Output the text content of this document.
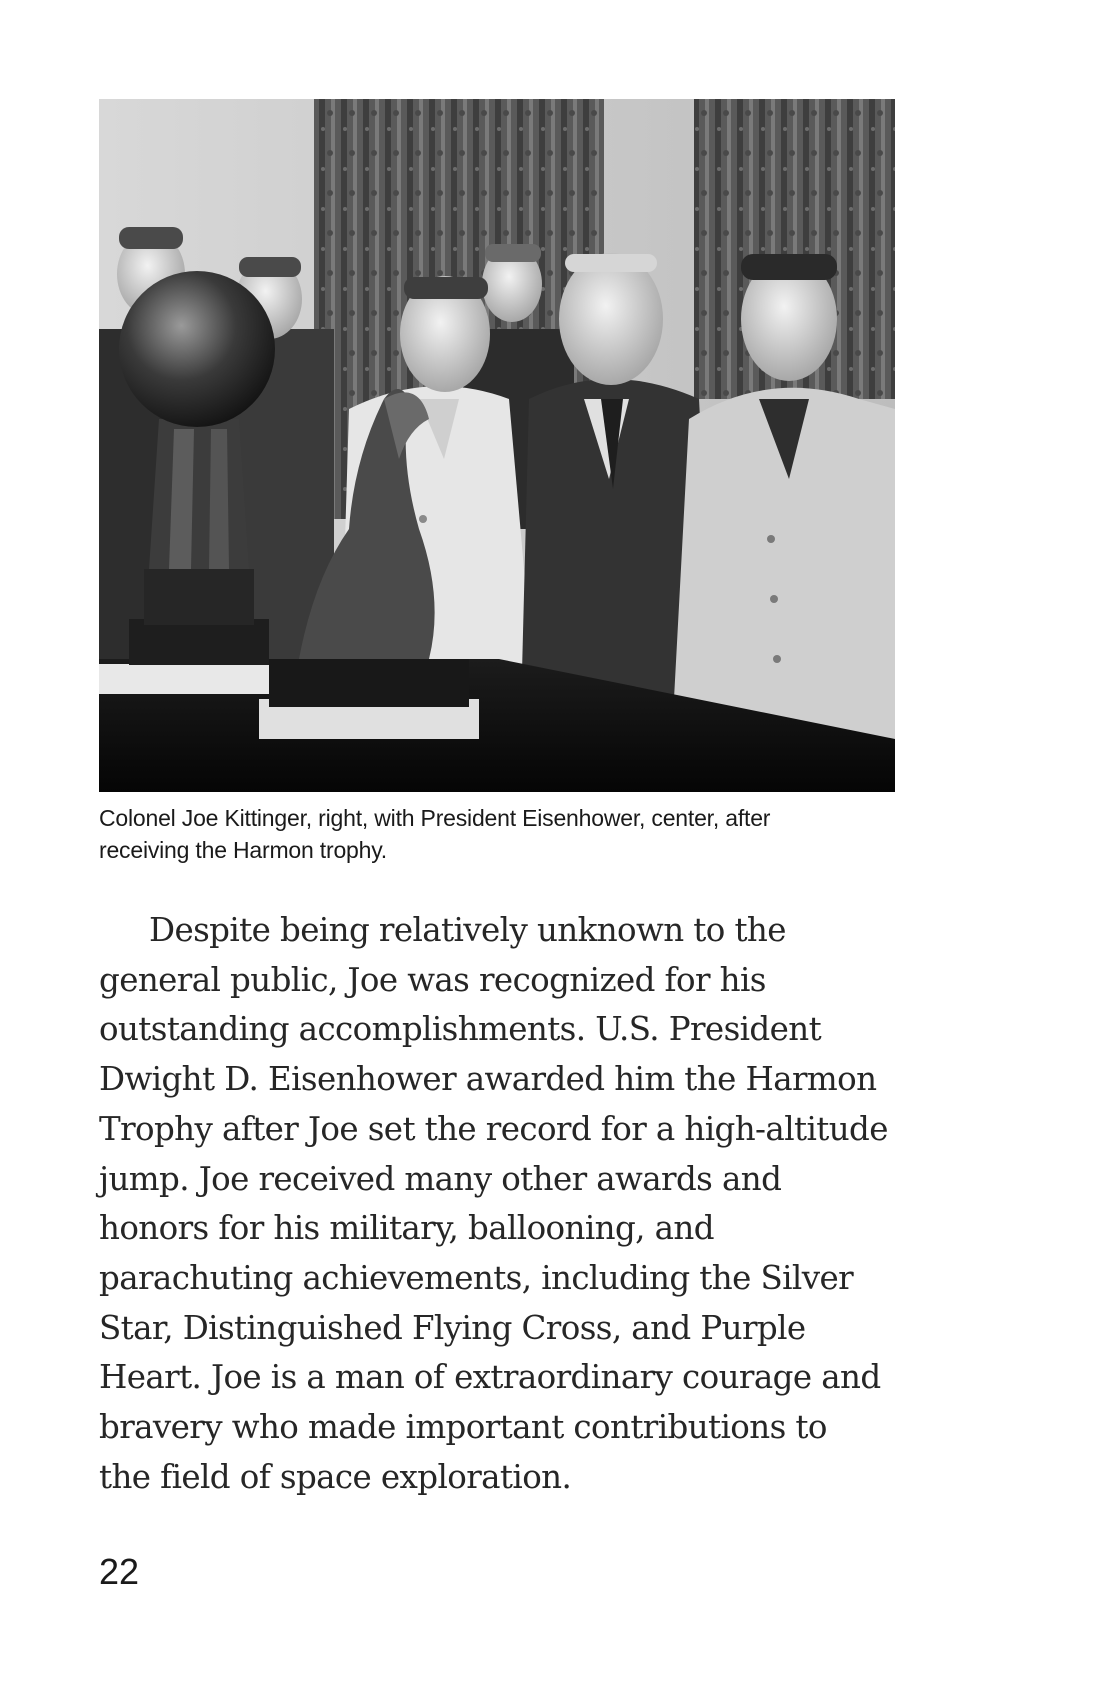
Colonel Joe Kittinger, right, with President Eisenhower, center, after
receiving the Harmon trophy.
Despite being relatively unknown to the
general public, Joe was recognized for his
outstanding accomplishments. U.S. President
Dwight D. Eisenhower awarded him the Harmon
Trophy after Joe set the record for a high-altitude
jump. Joe received many other awards and
honors for his military, ballooning, and
parachuting achievements, including the Silver
Star, Distinguished Flying Cross, and Purple
Heart. Joe is a man of extraordinary courage and
bravery who made important contributions to
the field of space exploration.
22
